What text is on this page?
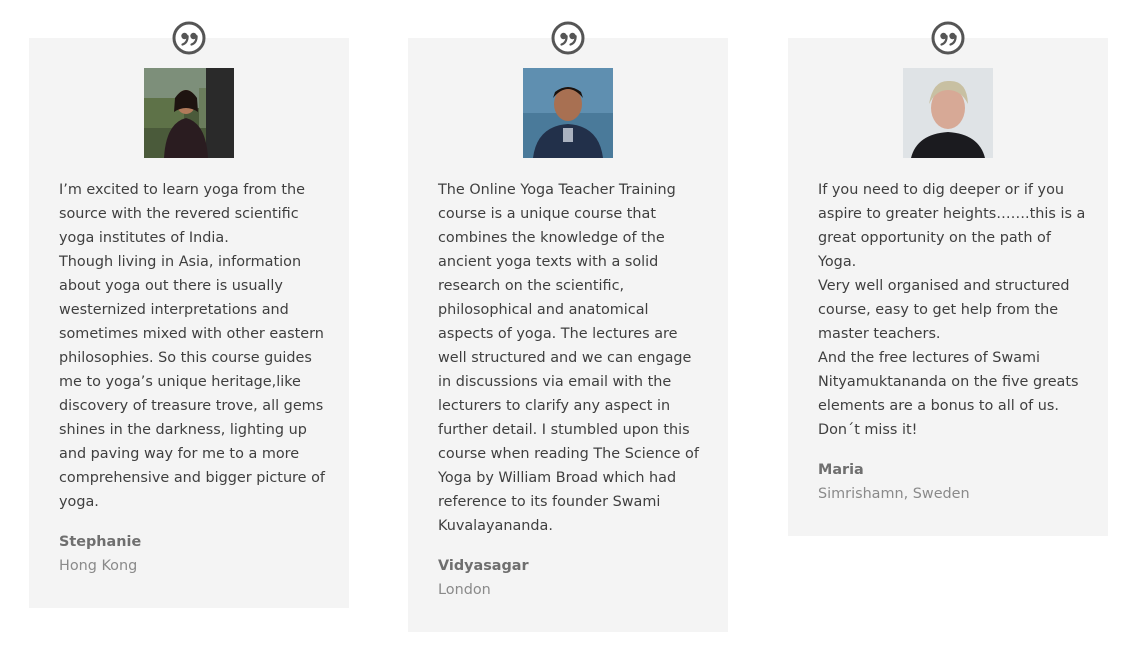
I’m excited to learn yoga from the source with the revered scientific yoga institutes of India.
Though living in Asia, information about yoga out there is usually westernized interpretations and sometimes mixed with other eastern philosophies. So this course guides me to yoga’s unique heritage,like discovery of treasure trove, all gems shines in the darkness, lighting up and paving way for me to a more comprehensive and bigger picture of yoga.

Stephanie
Hong Kong

The Online Yoga Teacher Training course is a unique course that combines the knowledge of the ancient yoga texts with a solid research on the scientific, philosophical and anatomical aspects of yoga. The lectures are well structured and we can engage in discussions via email with the lecturers to clarify any aspect in further detail. I stumbled upon this course when reading The Science of Yoga by William Broad which had reference to its founder Swami Kuvalayananda.

Vidyasagar
London

If you need to dig deeper or if you aspire to greater heights…….this is a great opportunity on the path of Yoga.
Very well organised and structured course, easy to get help from the master teachers.
And the free lectures of Swami Nityamuktananda on the five greats elements are a bonus to all of us.
Don´t miss it!

Maria
Simrishamn, Sweden
